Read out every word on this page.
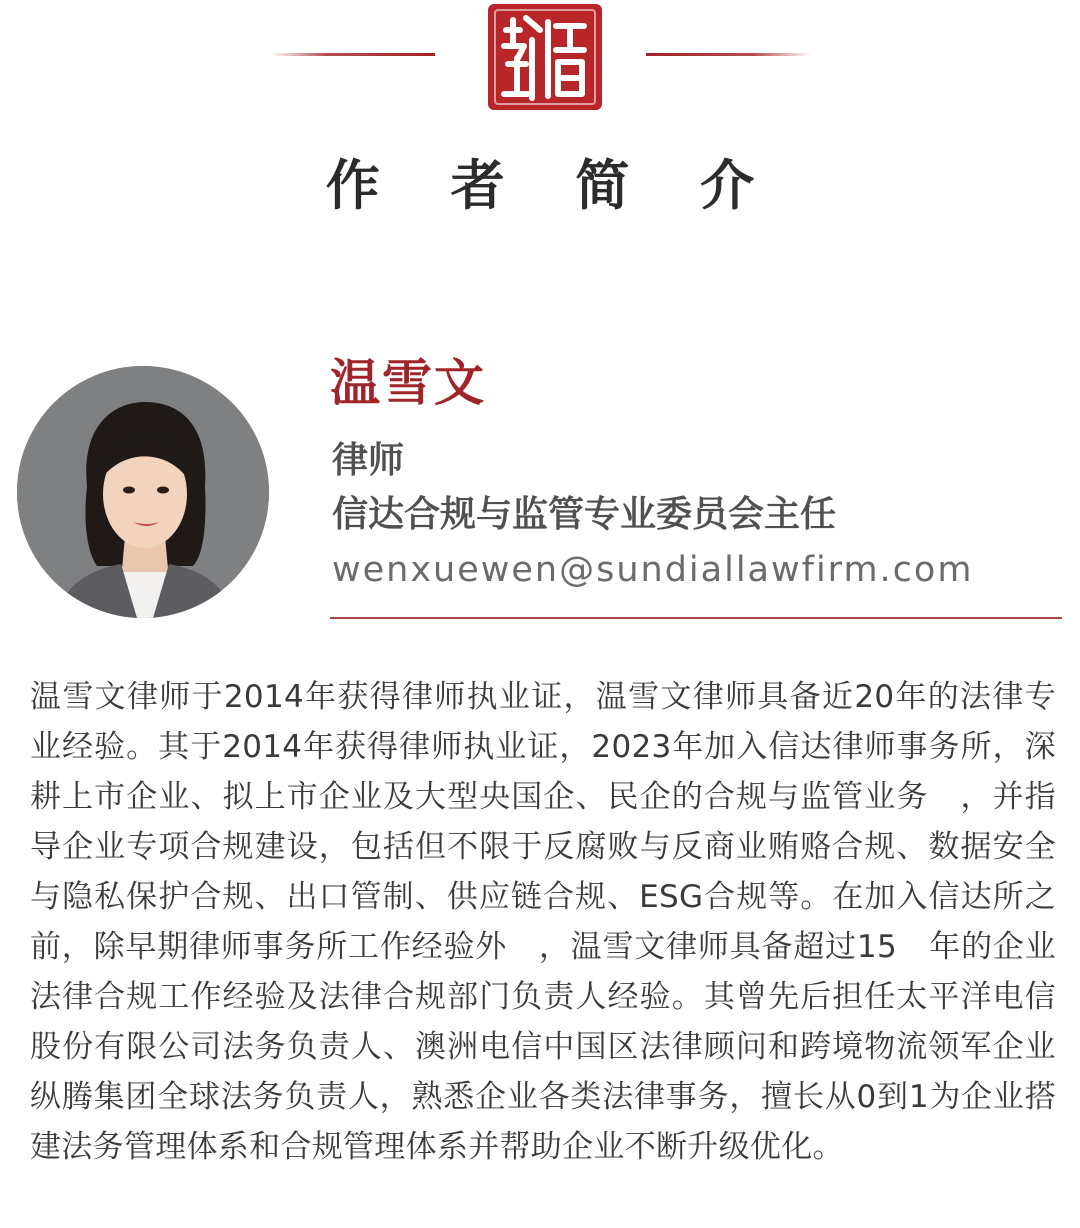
作 者 简 介
温雪文
律师
信达合规与监管专业委员会主任
wenxuewen@sundiallawfirm.com

温雪文律师于2014年获得律师执业证，温雪文律师具备近20年的法律专业经验。其于2014年获得律师执业证，2023年加入信达律师事务所，深耕上市企业、拟上市企业及大型央国企、民企的合规与监管业务　，并指导企业专项合规建设，包括但不限于反腐败与反商业贿赂合规、数据安全与隐私保护合规、出口管制、供应链合规、ESG合规等。在加入信达所之前，除早期律师事务所工作经验外　，温雪文律师具备超过15　年的企业法律合规工作经验及法律合规部门负责人经验。其曾先后担任太平洋电信股份有限公司法务负责人、澳洲电信中国区法律顾问和跨境物流领军企业纵腾集团全球法务负责人，熟悉企业各类法律事务，擅长从0到1为企业搭建法务管理体系和合规管理体系并帮助企业不断升级优化。
